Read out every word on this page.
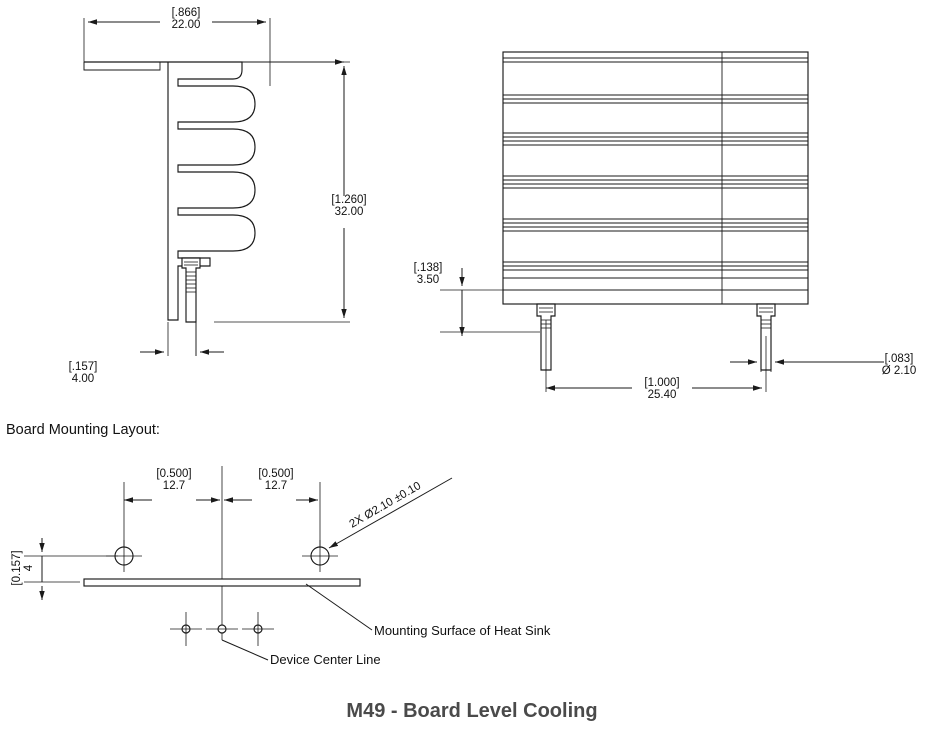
[.866]
22.00
[1.260]
32.00
[.157]
4.00
[.138]
3.50
[1.000]
25.40
[.083]
Ø 2.10
Board Mounting Layout:
[0.500]
12.7
[0.500]
12.7
[0.157] 4
2X Ø2.10 ±0.10
Mounting Surface of Heat Sink
Device Center Line
M49 - Board Level Cooling
